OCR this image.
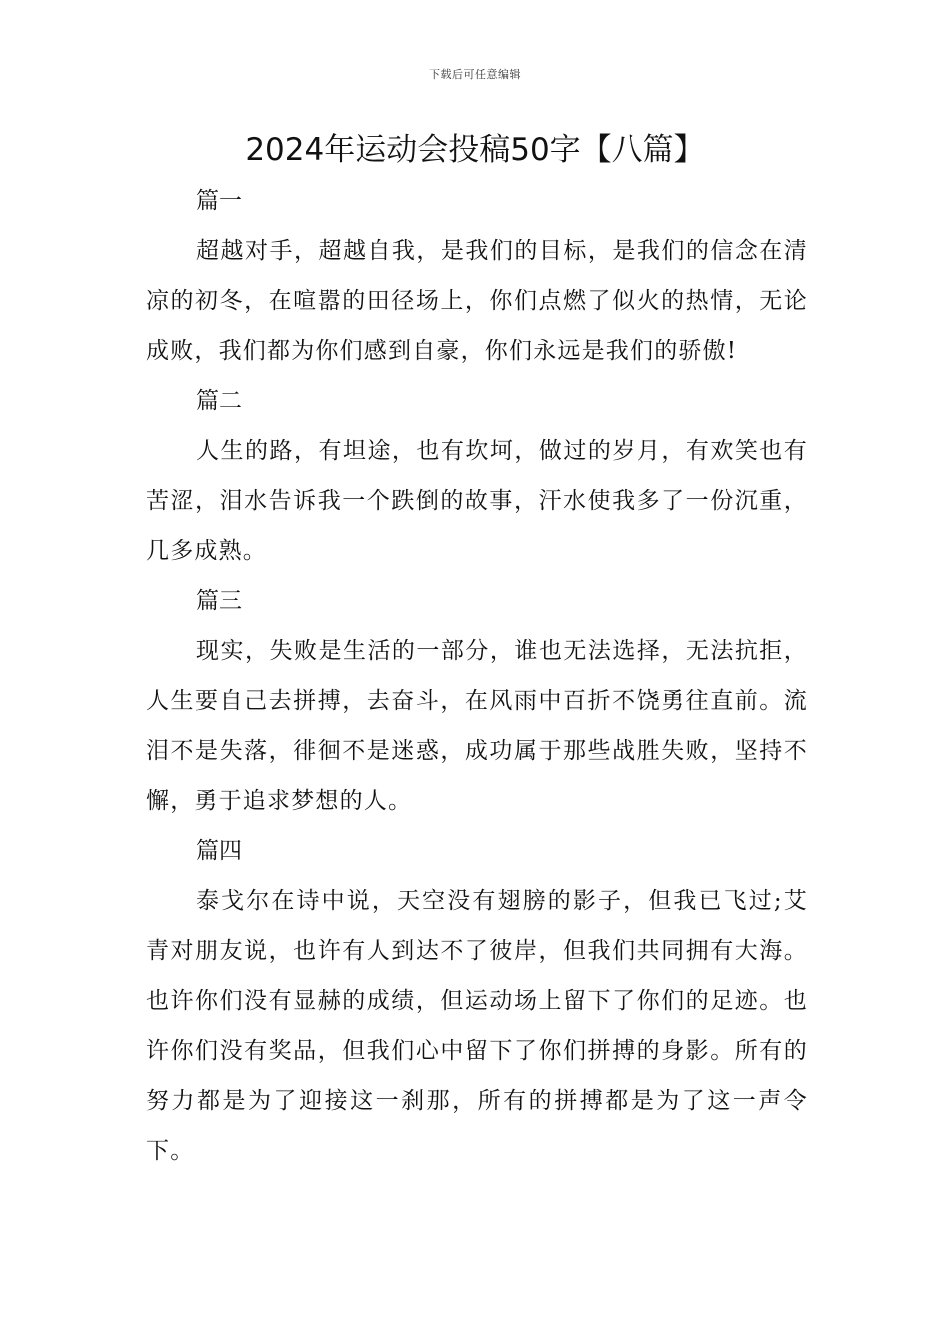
下载后可任意编辑
2024年运动会投稿50字【八篇】

篇一

超越对手，超越自我，是我们的目标，是我们的信念在清凉的初冬，在喧嚣的田径场上，你们点燃了似火的热情，无论成败，我们都为你们感到自豪，你们永远是我们的骄傲!

篇二

人生的路，有坦途，也有坎坷，做过的岁月，有欢笑也有苦涩，泪水告诉我一个跌倒的故事，汗水使我多了一份沉重，几多成熟。

篇三

现实，失败是生活的一部分，谁也无法选择，无法抗拒，人生要自己去拼搏，去奋斗，在风雨中百折不饶勇往直前。流泪不是失落，徘徊不是迷惑，成功属于那些战胜失败，坚持不懈，勇于追求梦想的人。

篇四

泰戈尔在诗中说，天空没有翅膀的影子，但我已飞过;艾青对朋友说，也许有人到达不了彼岸，但我们共同拥有大海。也许你们没有显赫的成绩，但运动场上留下了你们的足迹。也许你们没有奖品，但我们心中留下了你们拼搏的身影。所有的努力都是为了迎接这一刹那，所有的拼搏都是为了这一声令下。
